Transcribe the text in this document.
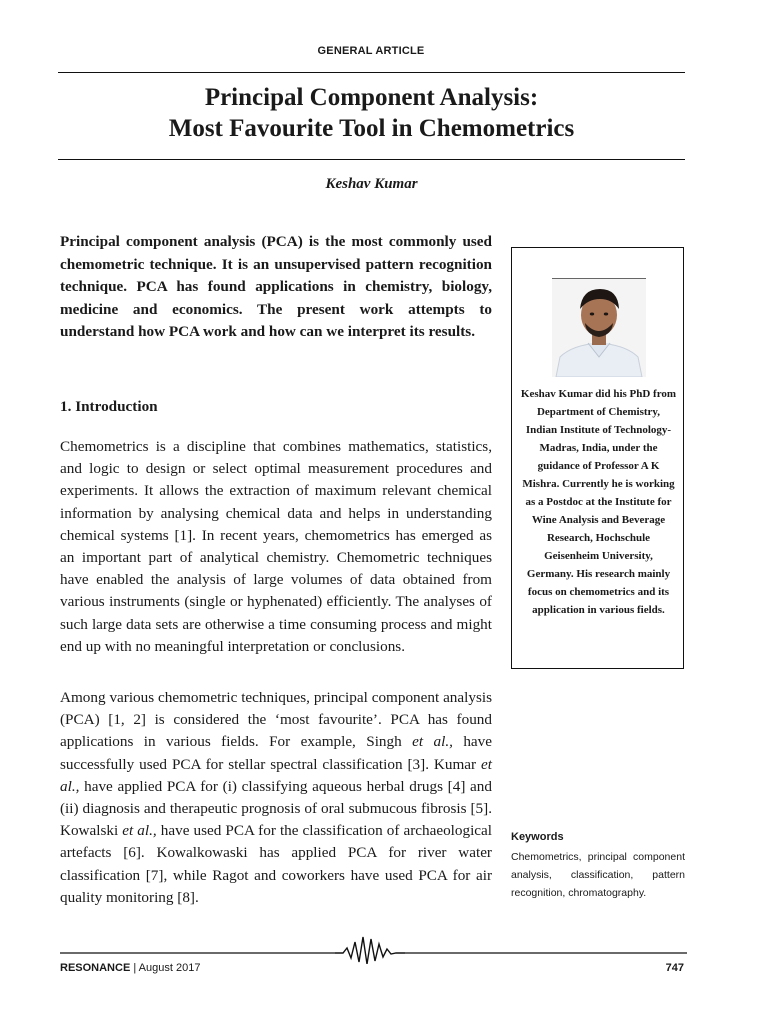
GENERAL ARTICLE
Principal Component Analysis:
Most Favourite Tool in Chemometrics
Keshav Kumar

Principal component analysis (PCA) is the most commonly used chemometric technique. It is an unsupervised pattern recognition technique. PCA has found applications in chemistry, biology, medicine and economics. The present work attempts to understand how PCA work and how can we interpret its results.

1. Introduction

Chemometrics is a discipline that combines mathematics, statistics, and logic to design or select optimal measurement procedures and experiments. It allows the extraction of maximum relevant chemical information by analysing chemical data and helps in understanding chemical systems [1]. In recent years, chemometrics has emerged as an important part of analytical chemistry. Chemometric techniques have enabled the analysis of large volumes of data obtained from various instruments (single or hyphenated) efficiently. The analyses of such large data sets are otherwise a time consuming process and might end up with no meaningful interpretation or conclusions.

Among various chemometric techniques, principal component analysis (PCA) [1, 2] is considered the ‘most favourite’. PCA has found applications in various fields. For example, Singh et al., have successfully used PCA for stellar spectral classification [3]. Kumar et al., have applied PCA for (i) classifying aqueous herbal drugs [4] and (ii) diagnosis and therapeutic prognosis of oral submucous fibrosis [5]. Kowalski et al., have used PCA for the classification of archaeological artefacts [6]. Kowalkowaski has applied PCA for river water classification [7], while Ragot and coworkers have used PCA for air quality monitoring [8].

Keshav Kumar did his PhD from Department of Chemistry, Indian Institute of Technology-Madras, India, under the guidance of Professor A K Mishra. Currently he is working as a Postdoc at the Institute for Wine Analysis and Beverage Research, Hochschule Geisenheim University, Germany. His research mainly focus on chemometrics and its application in various fields.

Keywords

Chemometrics, principal component analysis, classification, pattern recognition, chromatography.

RESONANCE | August 2017	747
